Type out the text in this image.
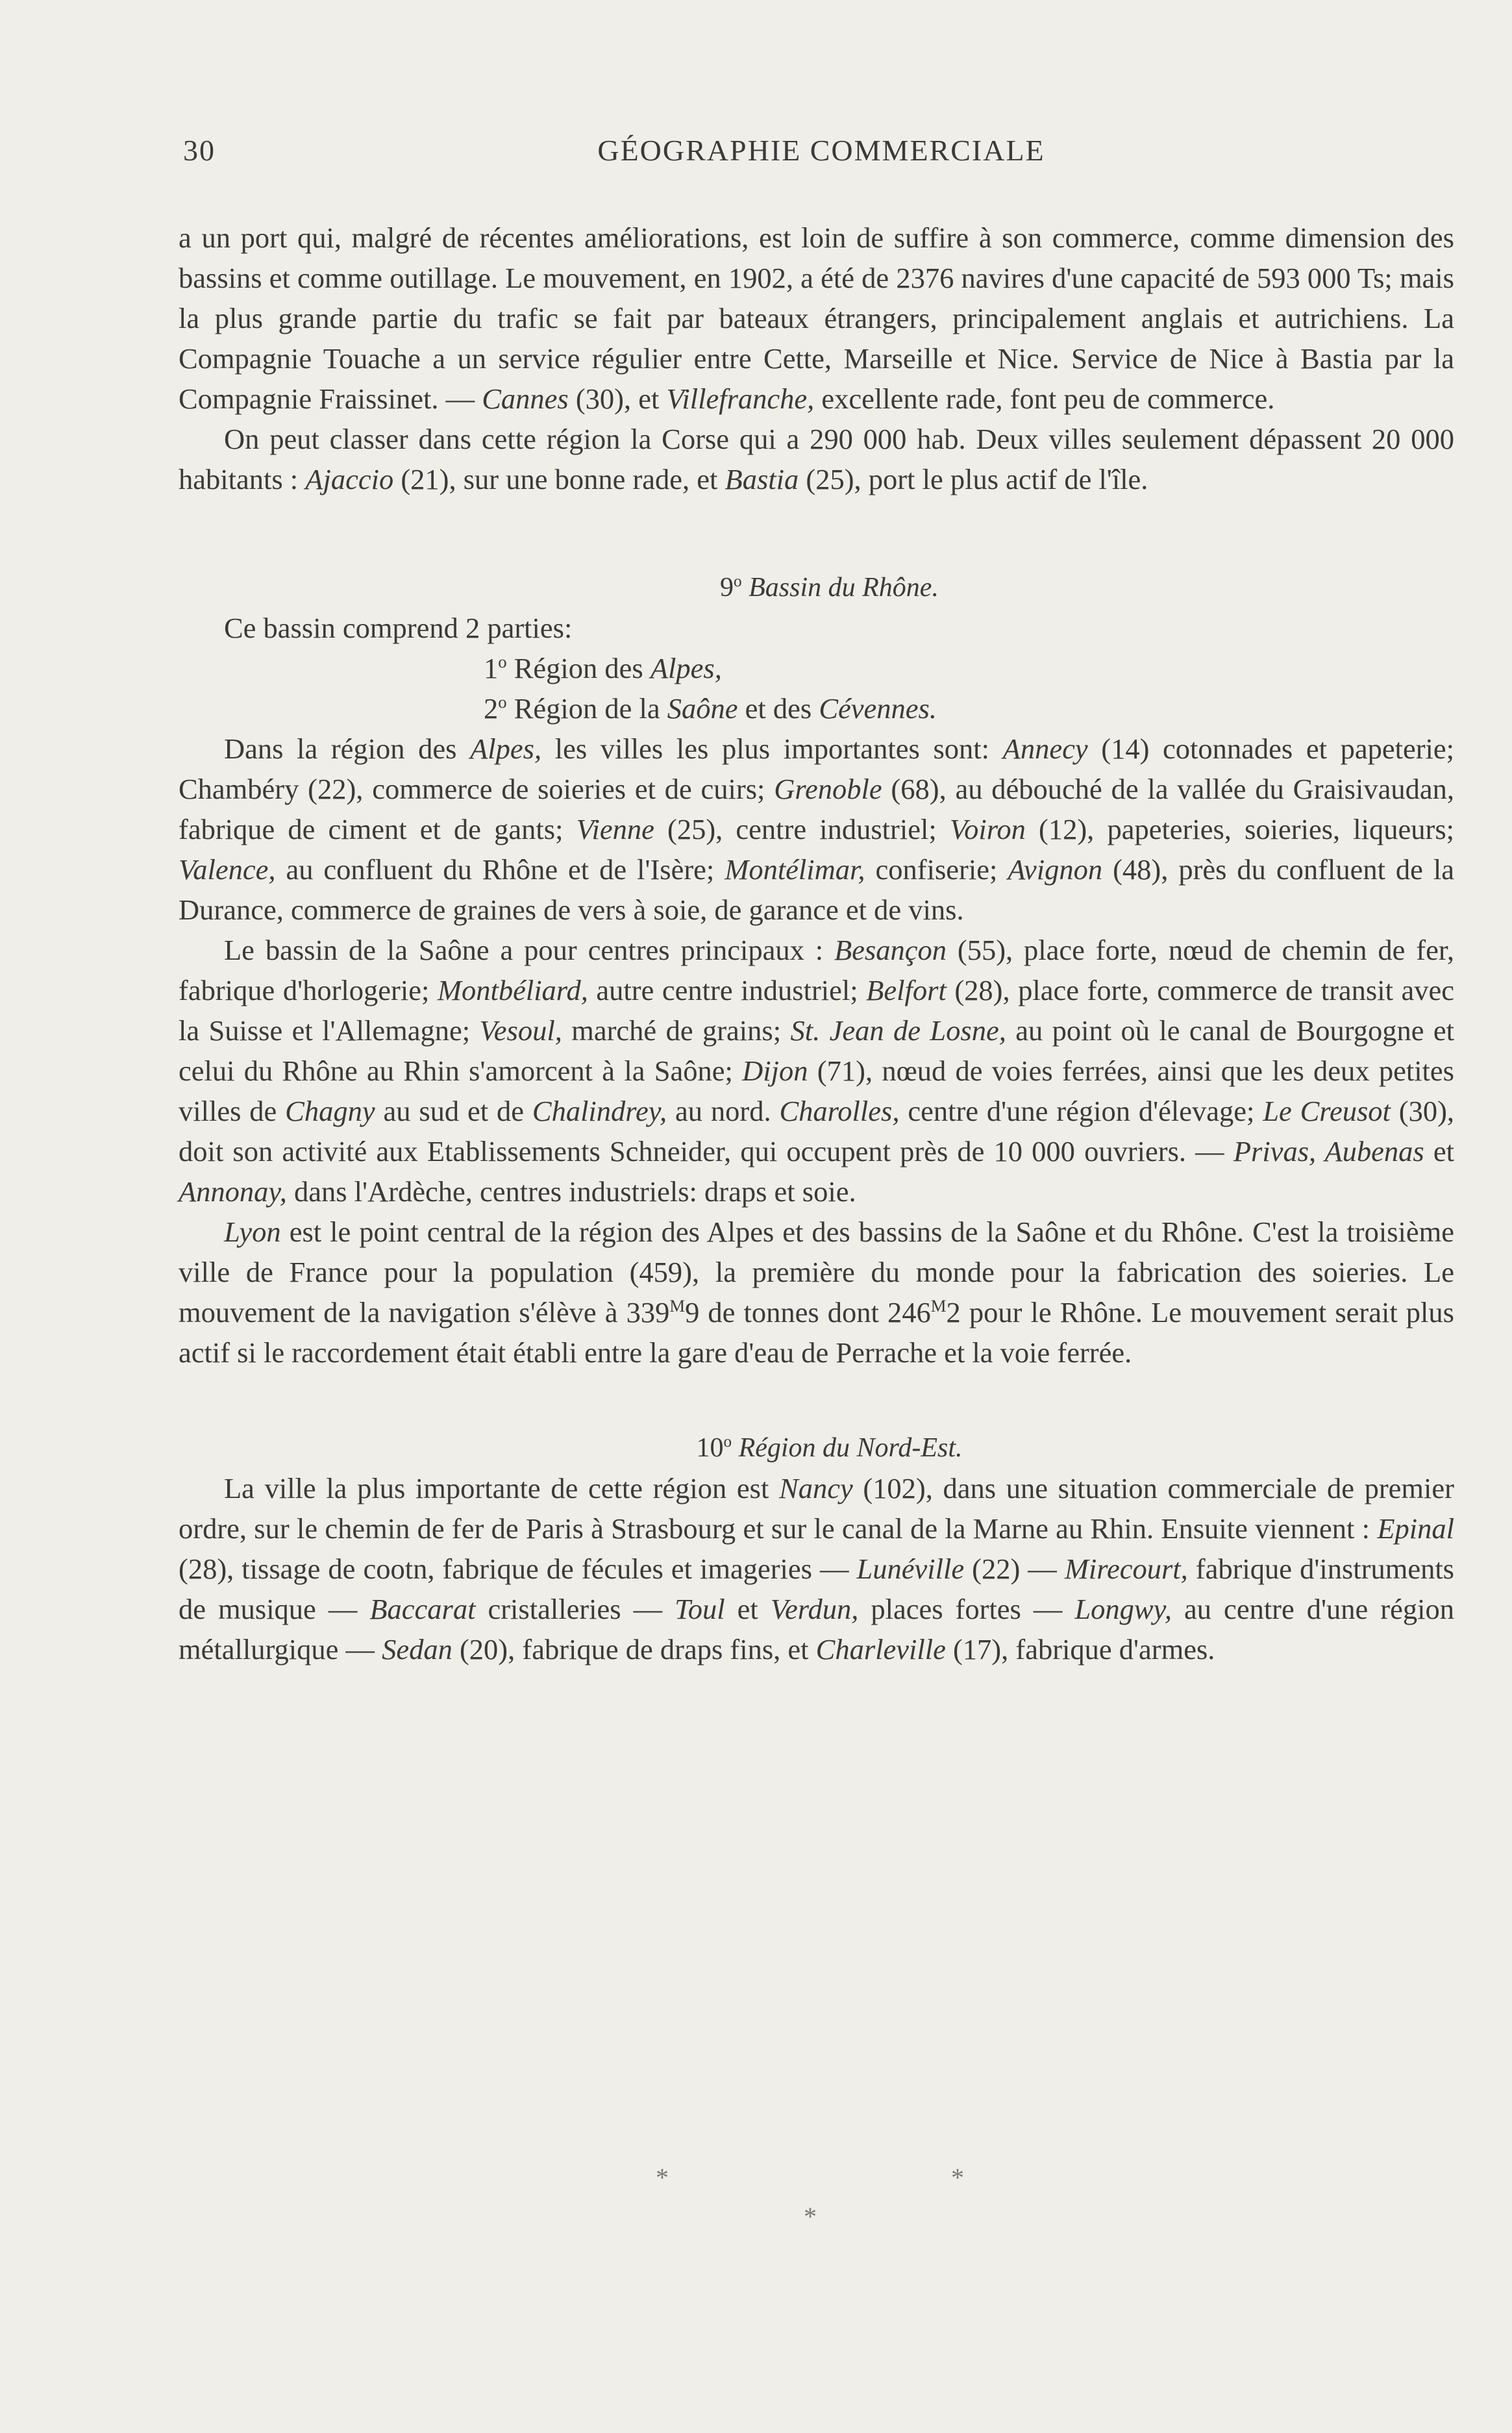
30	GÉOGRAPHIE COMMERCIALE

a un port qui, malgré de récentes améliorations, est loin de suffire à son commerce, comme dimension des bassins et comme outillage. Le mouvement, en 1902, a été de 2376 navires d'une capacité de 593 000 Ts; mais la plus grande partie du trafic se fait par bateaux étrangers, principalement anglais et autrichiens. La Compagnie Touache a un service régulier entre Cette, Marseille et Nice. Service de Nice à Bastia par la Compagnie Fraissinet. — Cannes (30), et Villefranche, excellente rade, font peu de commerce.

On peut classer dans cette région la Corse qui a 290 000 hab. Deux villes seulement dépassent 20 000 habitants : Ajaccio (21), sur une bonne rade, et Bastia (25), port le plus actif de l'île.

9$^o$ Bassin du Rhône.

Ce bassin comprend 2 parties:

1$^o$ Région des Alpes,

2$^o$ Région de la Saône et des Cévennes.

Dans la région des Alpes, les villes les plus importantes sont: Annecy (14) cotonnades et papeterie; Chambéry (22), commerce de soieries et de cuirs; Grenoble (68), au débouché de la vallée du Graisivaudan, fabrique de ciment et de gants; Vienne (25), centre industriel; Voiron (12), papeteries, soieries, liqueurs; Valence, au confluent du Rhône et de l'Isère; Montélimar, confiserie; Avignon (48), près du confluent de la Durance, commerce de graines de vers à soie, de garance et de vins.

Le bassin de la Saône a pour centres principaux : Besançon (55), place forte, nœud de chemin de fer, fabrique d'horlogerie; Montbéliard, autre centre industriel; Belfort (28), place forte, commerce de transit avec la Suisse et l'Allemagne; Vesoul, marché de grains; St. Jean de Losne, au point où le canal de Bourgogne et celui du Rhône au Rhin s'amorcent à la Saône; Dijon (71), nœud de voies ferrées, ainsi que les deux petites villes de Chagny au sud et de Chalindrey, au nord. Charolles, centre d'une région d'élevage; Le Creusot (30), doit son activité aux Etablissements Schneider, qui occupent près de 10 000 ouvriers. — Privas, Aubenas et Annonay, dans l'Ardèche, centres industriels: draps et soie.

Lyon est le point central de la région des Alpes et des bassins de la Saône et du Rhône. C'est la troisième ville de France pour la population (459), la première du monde pour la fabrication des soieries. Le mouvement de la navigation s'élève à $339^M9$ de tonnes dont $246^M2$ pour le Rhône. Le mouvement serait plus actif si le raccordement était établi entre la gare d'eau de Perrache et la voie ferrée.

10$^o$ Région du Nord-Est.

La ville la plus importante de cette région est Nancy (102), dans une situation commerciale de premier ordre, sur le chemin de fer de Paris à Strasbourg et sur le canal de la Marne au Rhin. Ensuite viennent : Epinal (28), tissage de cootn, fabrique de fécules et imageries — Lunéville (22) — Mirecourt, fabrique d'instruments de musique — Baccarat cristalleries — Toul et Verdun, places fortes — Longwy, au centre d'une région métallurgique — Sedan (20), fabrique de draps fins, et Charleville (17), fabrique d'armes.

*	*
*
